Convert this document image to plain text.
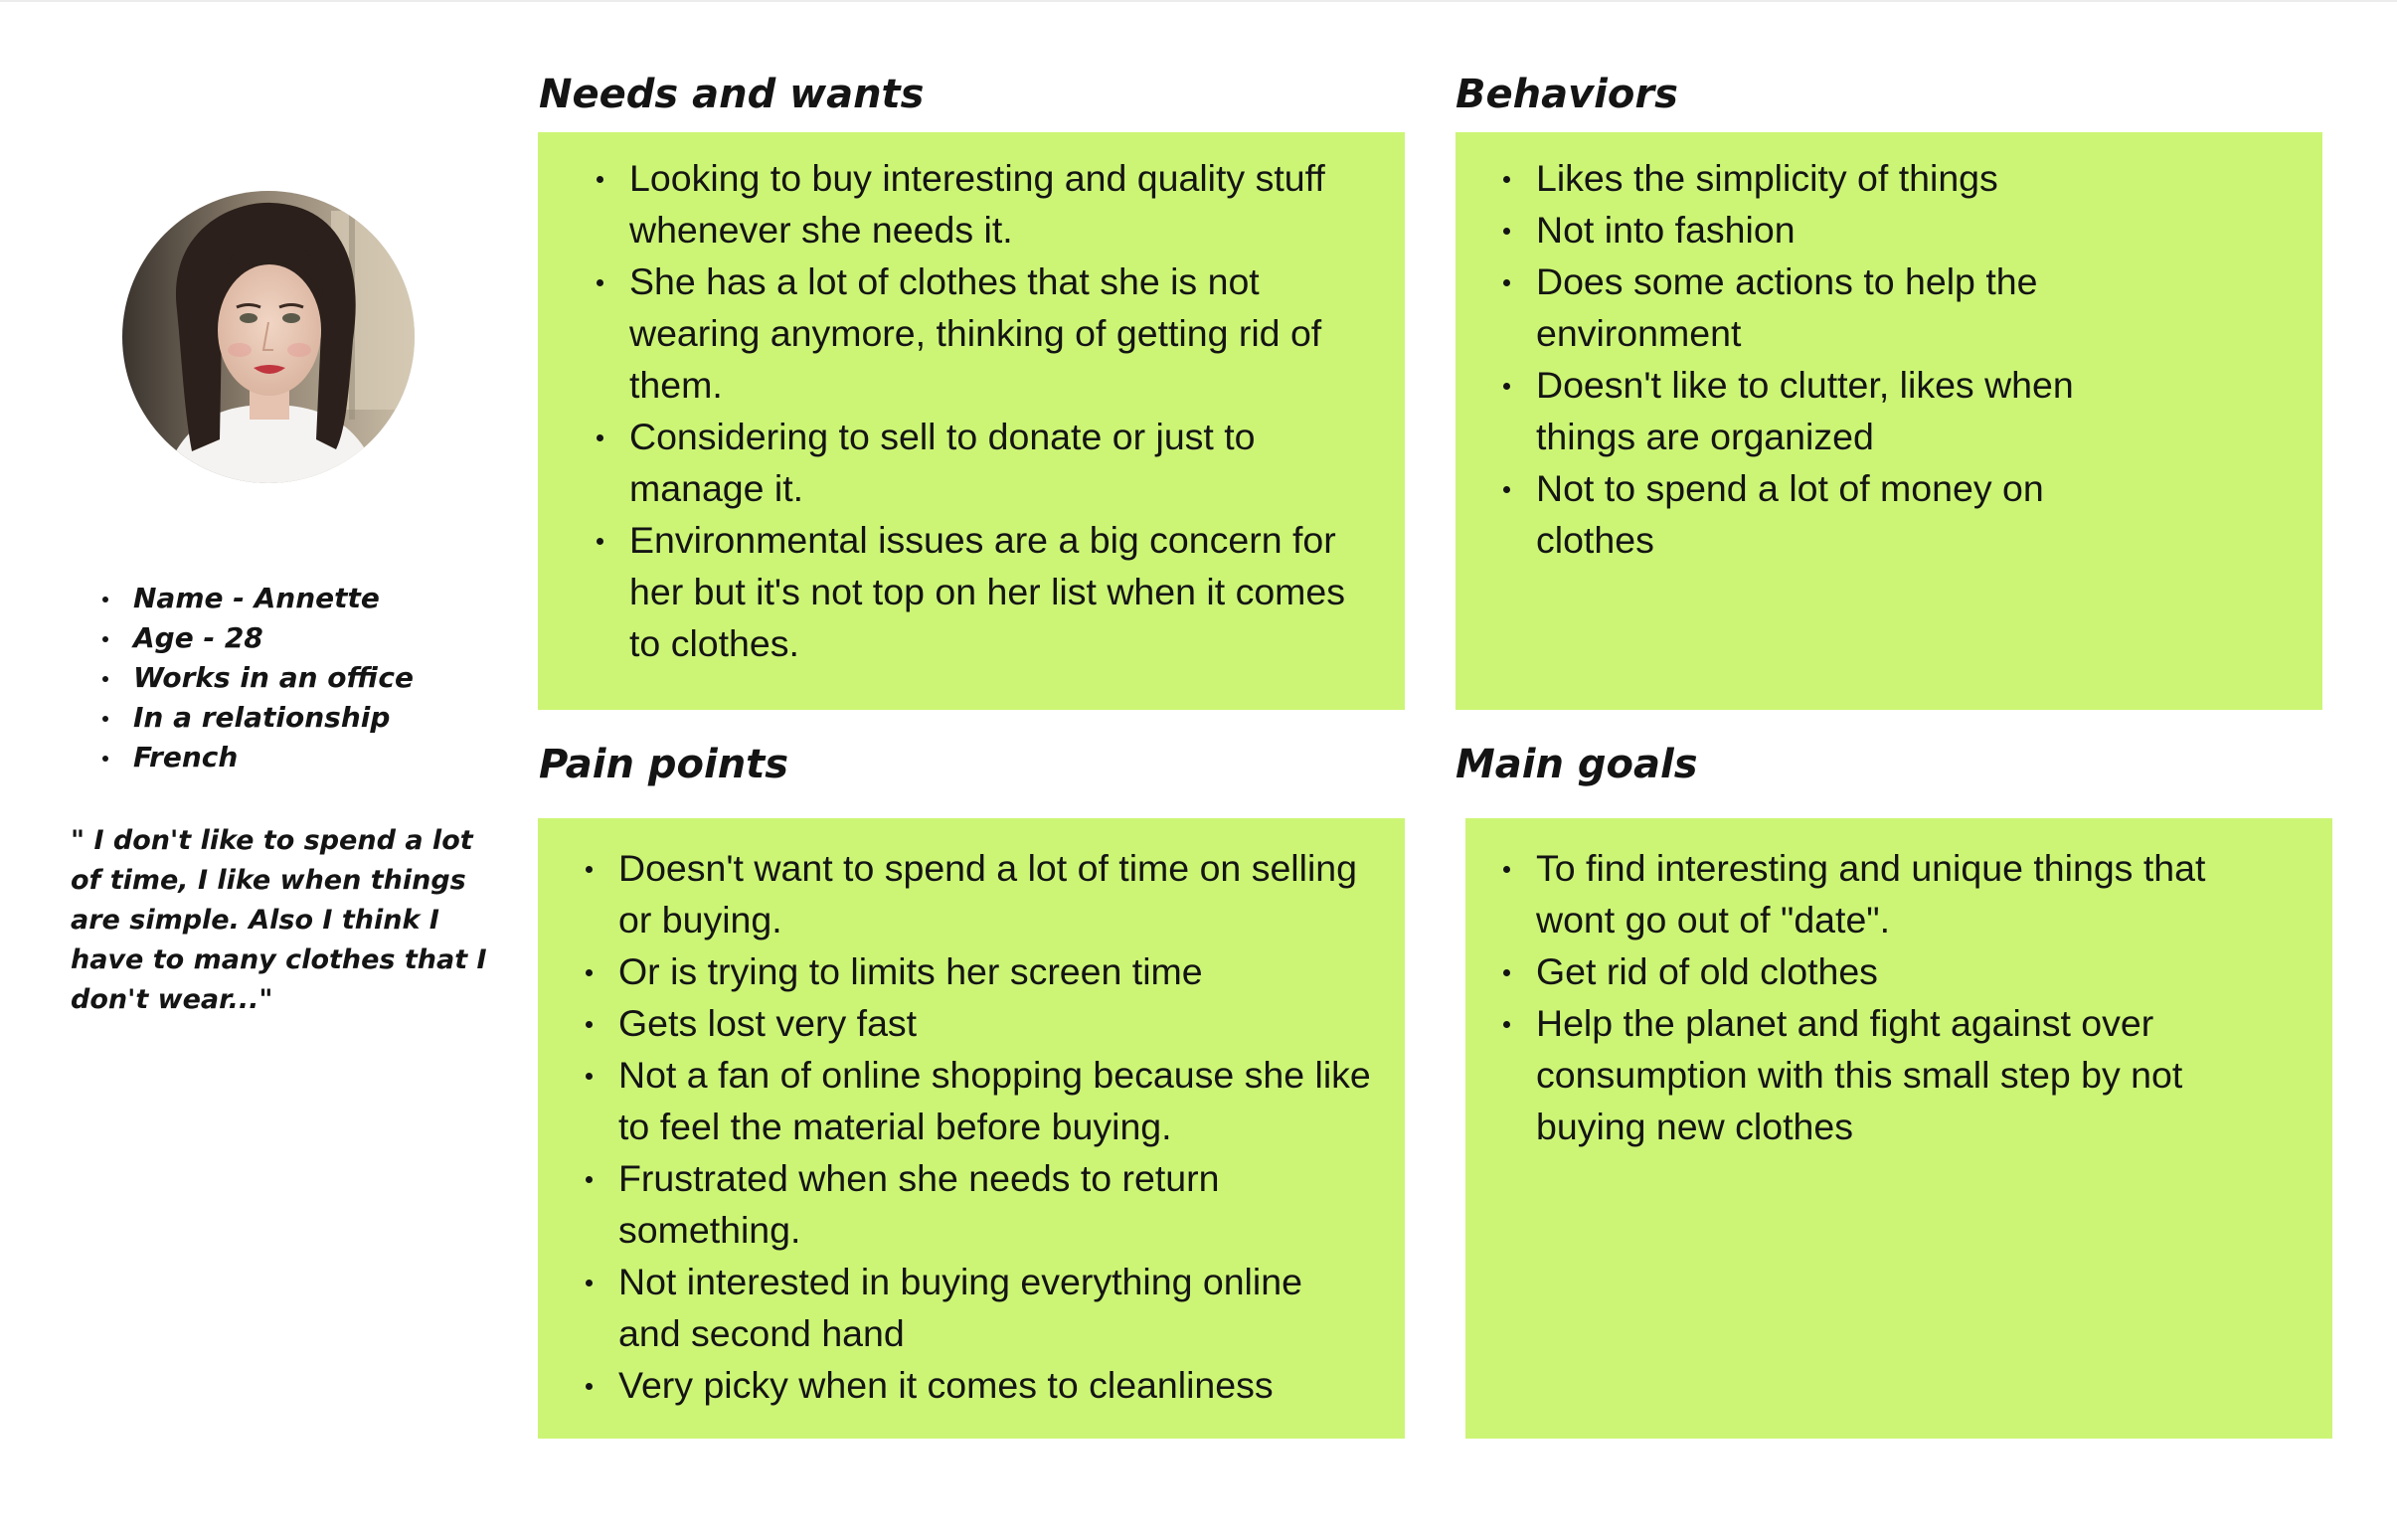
Name - Annette
Age - 28
Works in an office
In a relationship
French

" I don't like to spend a lot of time, I like when things are simple. Also I think I have to many clothes that I don't wear..."

Needs and wants
Looking to buy interesting and quality stuff whenever she needs it.
She has a lot of clothes that she is not wearing anymore, thinking of getting rid of them.
Considering to sell to donate or just to manage it.
Environmental issues are a big concern for her but it's not top on her list when it comes to clothes.
Behaviors
Likes the simplicity of things
Not into fashion
Does some actions to help the environment
Doesn't like to clutter, likes when things are organized
Not to spend a lot of money on clothes
Pain points
Doesn't want to spend a lot of time on selling or buying.
Or is trying to limits her screen time
Gets lost very fast
Not a fan of online shopping because she like to feel the material before buying.
Frustrated when she needs to return something.
Not interested in buying everything online and second hand
Very picky when it comes to cleanliness
Main goals
To find interesting and unique things that wont go out of "date".
Get rid of old clothes
Help the planet and fight against over consumption with this small step by not buying new clothes
